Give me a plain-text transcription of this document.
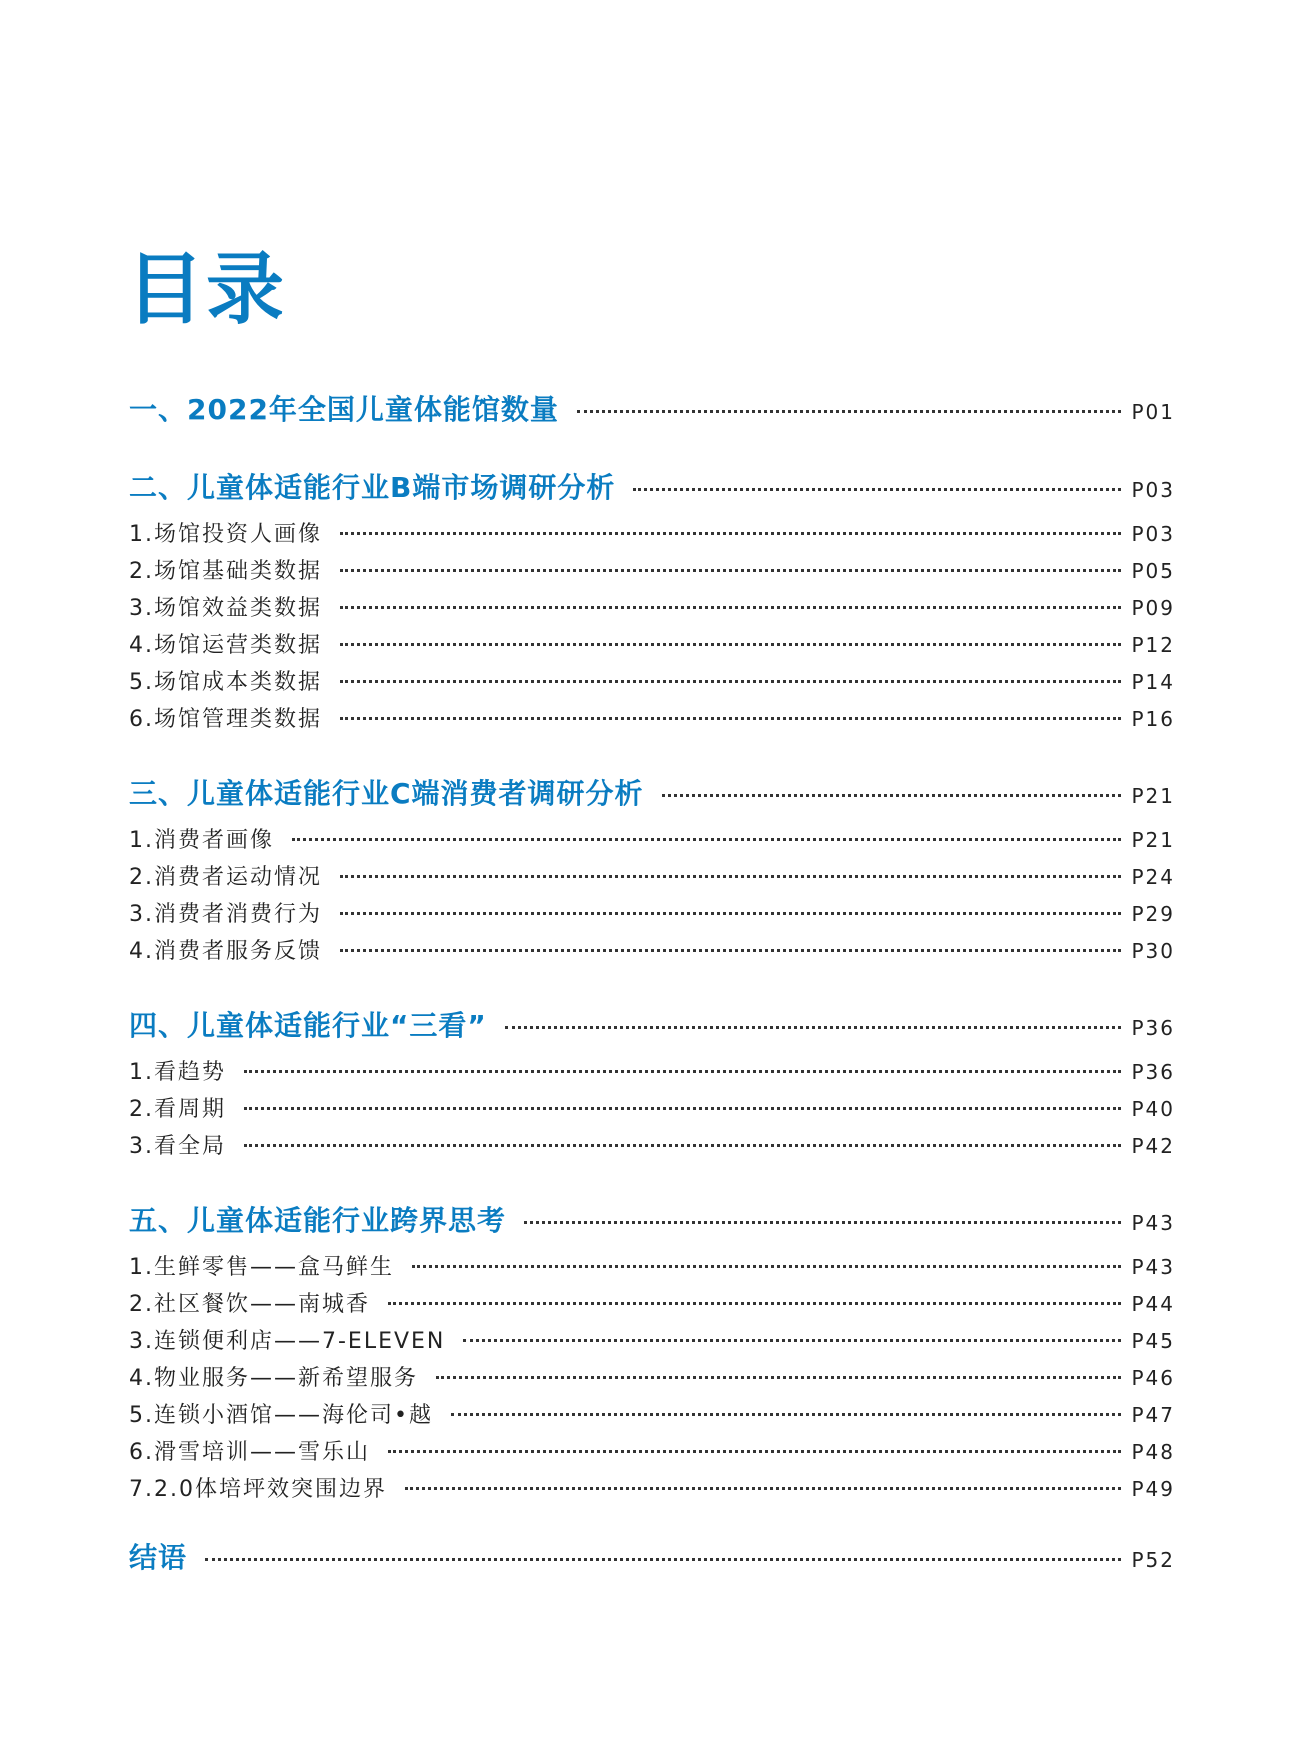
目录
一、2022年全国儿童体能馆数量	P01
二、儿童体适能行业B端市场调研分析	P03
1.场馆投资人画像	P03
2.场馆基础类数据	P05
3.场馆效益类数据	P09
4.场馆运营类数据	P12
5.场馆成本类数据	P14
6.场馆管理类数据	P16
三、儿童体适能行业C端消费者调研分析	P21
1.消费者画像	P21
2.消费者运动情况	P24
3.消费者消费行为	P29
4.消费者服务反馈	P30
四、儿童体适能行业“三看”	P36
1.看趋势	P36
2.看周期	P40
3.看全局	P42
五、儿童体适能行业跨界思考	P43
1.生鲜零售——盒马鲜生	P43
2.社区餐饮——南城香	P44
3.连锁便利店——7-ELEVEN	P45
4.物业服务——新希望服务	P46
5.连锁小酒馆——海伦司•越	P47
6.滑雪培训——雪乐山	P48
7.2.0体培坪效突围边界	P49
结语	P52
